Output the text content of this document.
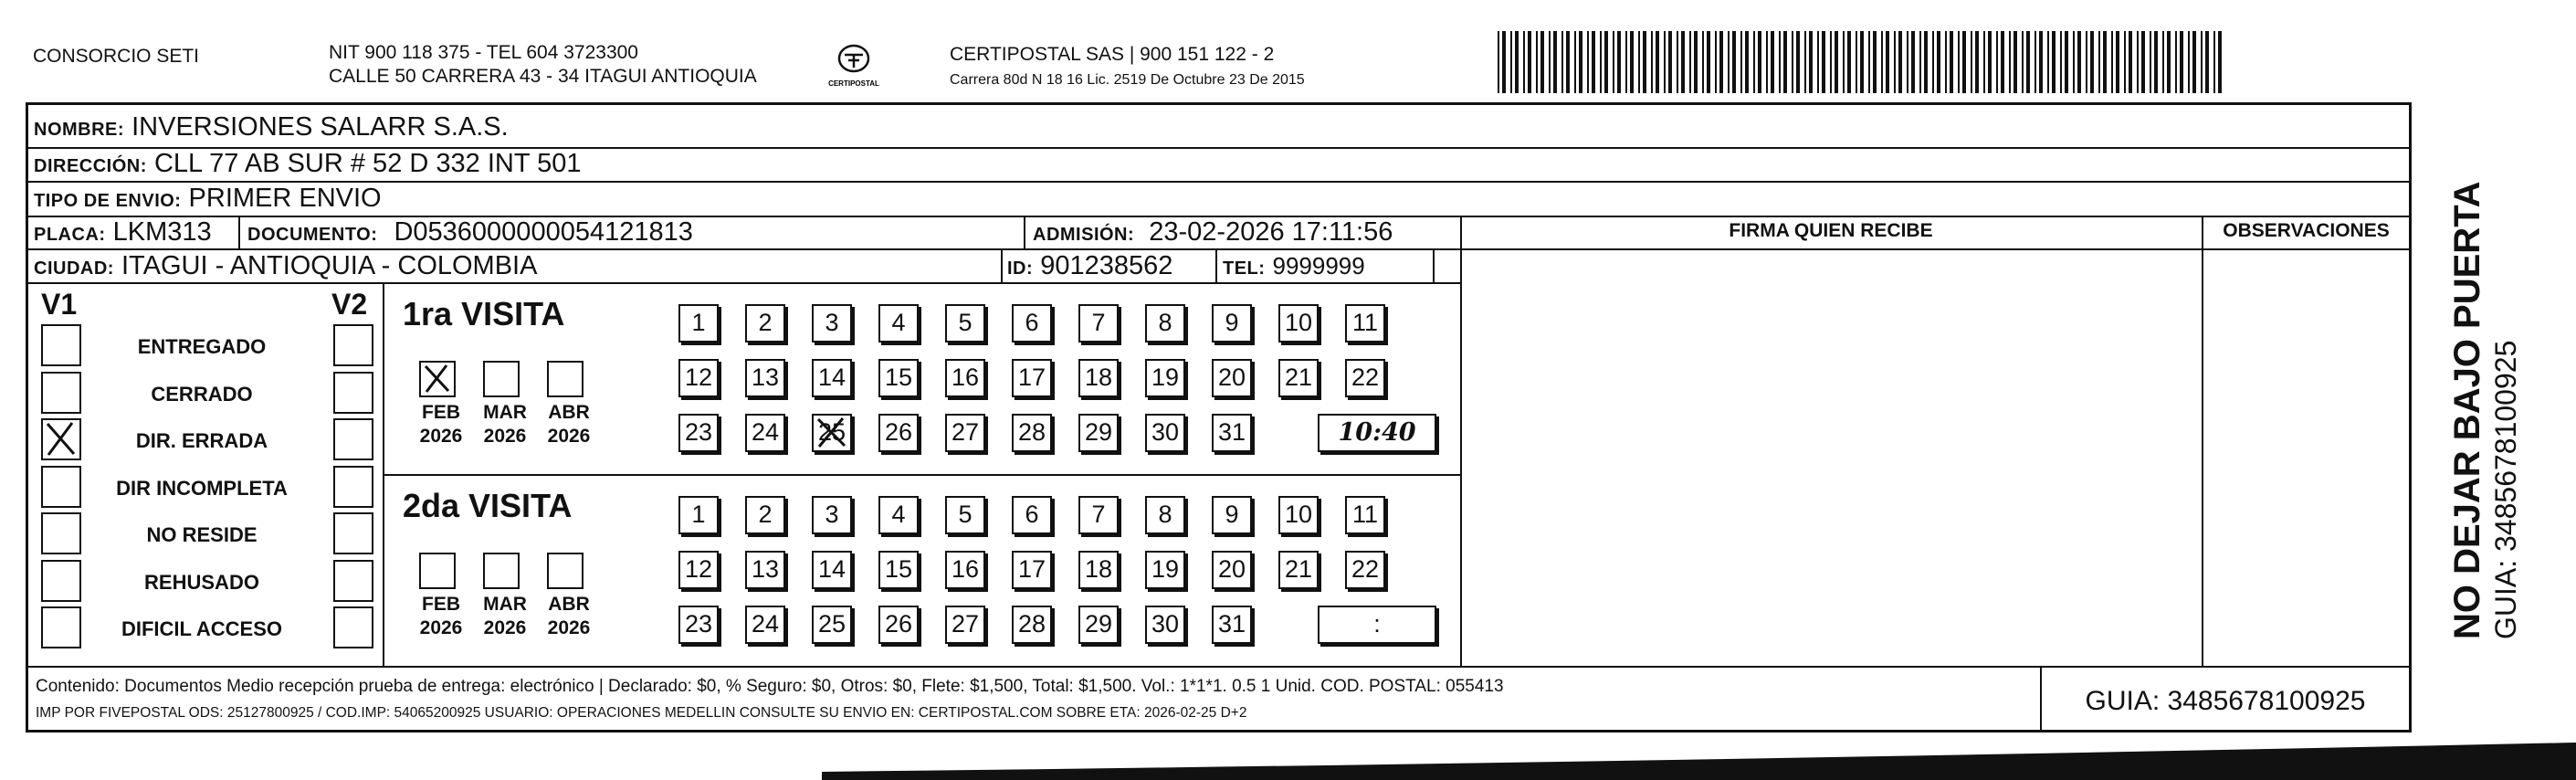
CONSORCIO SETI	NIT 900 118 375 - TEL 604 3723300
CALLE 50 CARRERA 43 - 34 ITAGUI ANTIOQUIA	CERTIPOSTAL
CERTIPOSTAL SAS | 900 151 122 - 2
Carrera 80d N 18 16 Lic. 2519 De Octubre 23 De 2015
NOMBRE: INVERSIONES SALARR S.A.S.
DIRECCIÓN: CLL 77 AB SUR # 52 D 332 INT 501
TIPO DE ENVIO: PRIMER ENVIO
FIRMA QUIEN RECIBE	OBSERVACIONES
PLACA: LKM313 DOCUMENTO: D0536000000054121813	ADMISIÓN: 23-02-2026 17:11:56
CIUDAD: ITAGUI - ANTIOQUIA - COLOMBIA	ID: 901238562	TEL: 9999999
V1	V2
ENTREGADO
CERRADO
DIR. ERRADA
DIR INCOMPLETA
NO RESIDE
REHUSADO
DIFICIL ACCESO
1ra VISITA
FEB
2026
MAR
2026
ABR
2026
1	2	3	4	5	6	7	8	9	10 11
12 13 14 15 16 17 18 19 20 21 22
23 24 25 26 27 28 29 30 31	10:40
2da VISITA
FEB
2026
MAR
2026
ABR
2026
1	2	3	4	5	6	7	8	9	10 11
12 13 14 15 16 17 18 19 20 21 22
23 24 25 26 27 28 29 30 31	:
Contenido: Documentos Medio recepción prueba de entrega: electrónico | Declarado: $0, % Seguro: $0, Otros: $0, Flete: $1,500, Total: $1,500. Vol.: 1*1*1. 0.5 1 Unid. COD. POSTAL: 055413
IMP POR FIVEPOSTAL ODS: 25127800925 / COD.IMP: 54065200925 USUARIO: OPERACIONES MEDELLIN CONSULTE SU ENVIO EN: CERTIPOSTAL.COM SOBRE ETA: 2026-02-25 D+2	GUIA: 3485678100925
NO DEJAR BAJO PUERTA GUIA: 3485678100925
